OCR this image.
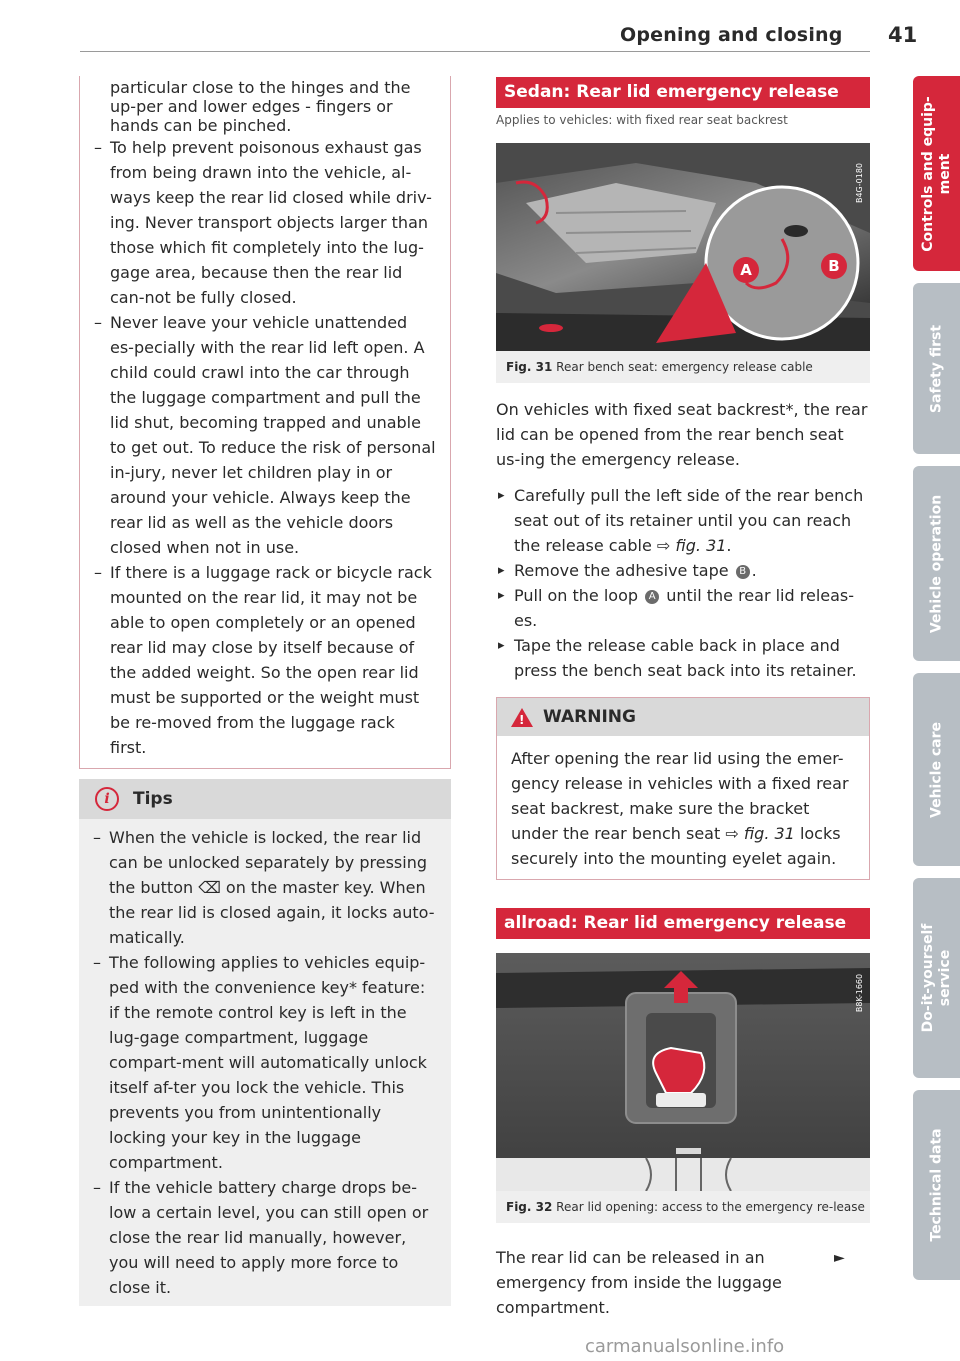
Opening and closing 41
particular close to the hinges and the up-per and lower edges - fingers or hands can be pinched.
– To help prevent poisonous exhaust gas from being drawn into the vehicle, al-ways keep the rear lid closed while driv-ing. Never transport objects larger than those which fit completely into the lug-gage area, because then the rear lid can-not be fully closed.
– Never leave your vehicle unattended es-pecially with the rear lid left open. A child could crawl into the car through the luggage compartment and pull the lid shut, becoming trapped and unable to get out. To reduce the risk of personal in-jury, never let children play in or around your vehicle. Always keep the rear lid as well as the vehicle doors closed when not in use.
– If there is a luggage rack or bicycle rack mounted on the rear lid, it may not be able to open completely or an opened rear lid may close by itself because of the added weight. So the open rear lid must be supported or the weight must be re-moved from the luggage rack first.
i	Tips
– When the vehicle is locked, the rear lid can be unlocked separately by pressing the button ⌫ on the master key. When the rear lid is closed again, it locks auto-matically.
– The following applies to vehicles equip-ped with the convenience key* feature: if the remote control key is left in the lug-gage compartment, luggage compart-ment will automatically unlock itself af-ter you lock the vehicle. This prevents you from unintentionally locking your key in the luggage compartment.
– If the vehicle battery charge drops be-low a certain level, you can still open or close the rear lid manually, however, you will need to apply more force to close it.
Sedan: Rear lid emergency release
Applies to vehicles: with fixed rear seat backrest
A	B
B4G-0180
Fig. 31 Rear bench seat: emergency release cable

On vehicles with fixed seat backrest*, the rear lid can be opened from the rear bench seat us-ing the emergency release.

▸ Carefully pull the left side of the rear bench seat out of its retainer until you can reach the release cable ⇨ fig. 31.
▸ Remove the adhesive tape B .
▸ Pull on the loop A until the rear lid releas-es.
▸ Tape the release cable back in place and press the bench seat back into its retainer.
! WARNING
After opening the rear lid using the emer-gency release in vehicles with a fixed rear seat backrest, make sure the bracket under the rear bench seat ⇨ fig. 31 locks securely into the mounting eyelet again.
allroad: Rear lid emergency release
B8K-1660
Fig. 32 Rear lid opening: access to the emergency re-lease

The rear lid can be released in an emergency from inside the luggage compartment.

►
Controls and equip-
ment
Safety first
Vehicle operation
Vehicle care
Do-it-yourself
service
Technical data
carmanualsonline.info
